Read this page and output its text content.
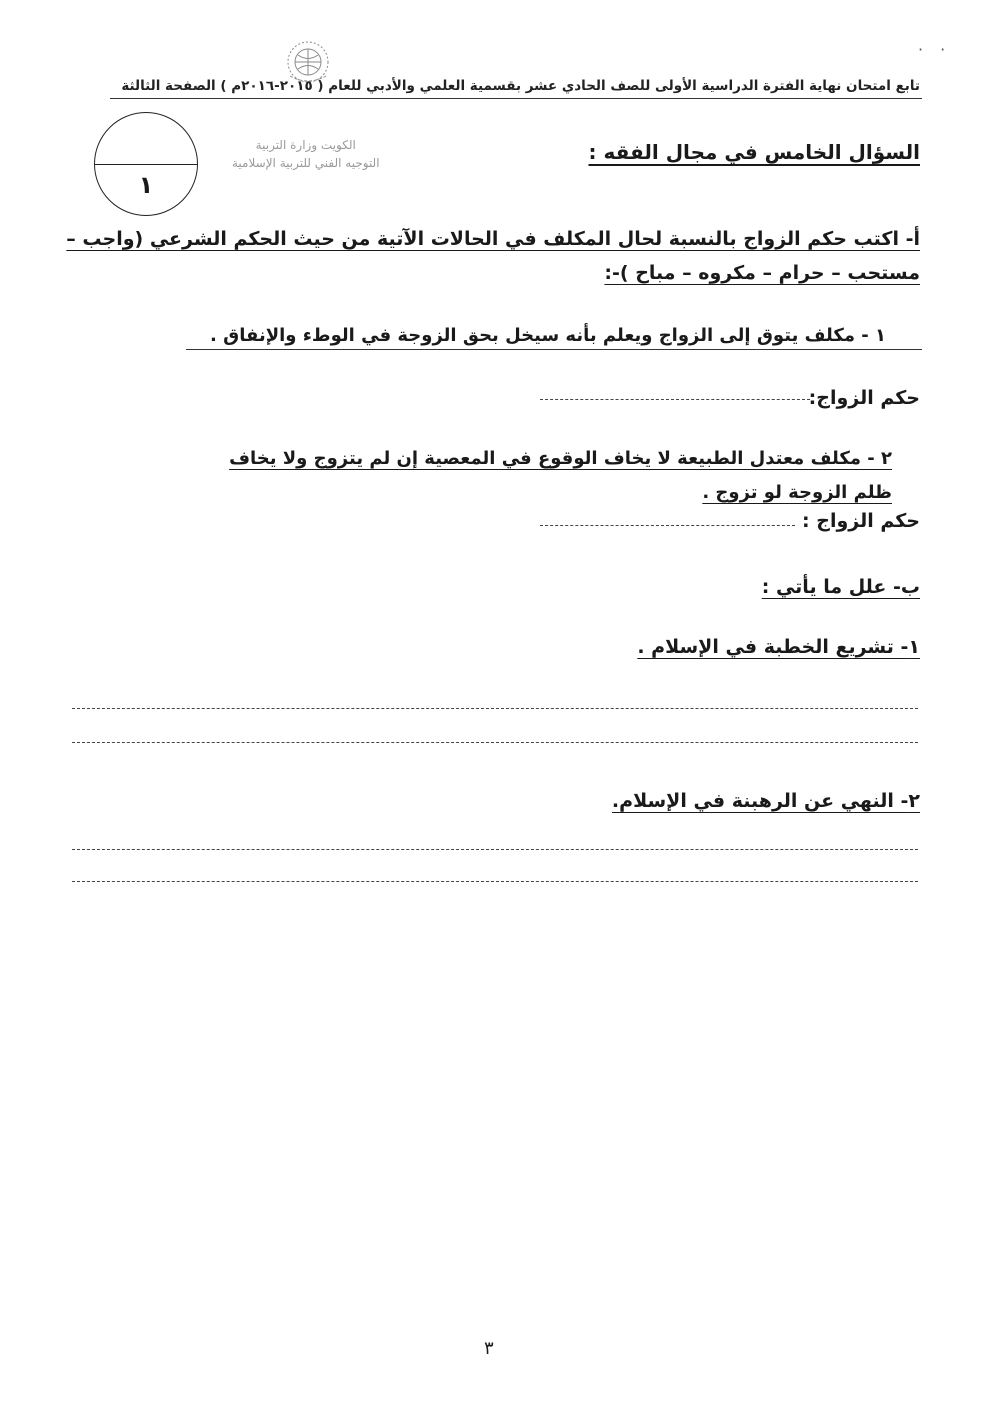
· ·
تابع امتحان نهاية الفترة الدراسية الأولى للصف الحادي عشر بقسمية العلمي والأدبي للعام ( ٢٠١٥-٢٠١٦م ) الصفحة الثالثة
الكويت وزارة التربية
التوجيه الفني للتربية الإسلامية
١
السؤال الخامس في مجال الفقه :
أ- اكتب حكم الزواج بالنسبة لحال المكلف في الحالات الآتية من حيث الحكم الشرعي (واجب –
مستحب – حرام – مكروه – مباح )-:
١ - مكلف يتوق إلى الزواج ويعلم بأنه سيخل بحق الزوجة في الوطء والإنفاق .
حكم الزواج:
٢ - مكلف معتدل الطبيعة لا يخاف الوقوع في المعصية إن لم يتزوج ولا يخاف
ظلم الزوجة لو تزوج .
حكم الزواج :
ب- علل ما يأتي :
١- تشريع الخطبة في الإسلام .
٢- النهي عن الرهبنة في الإسلام.
٣
